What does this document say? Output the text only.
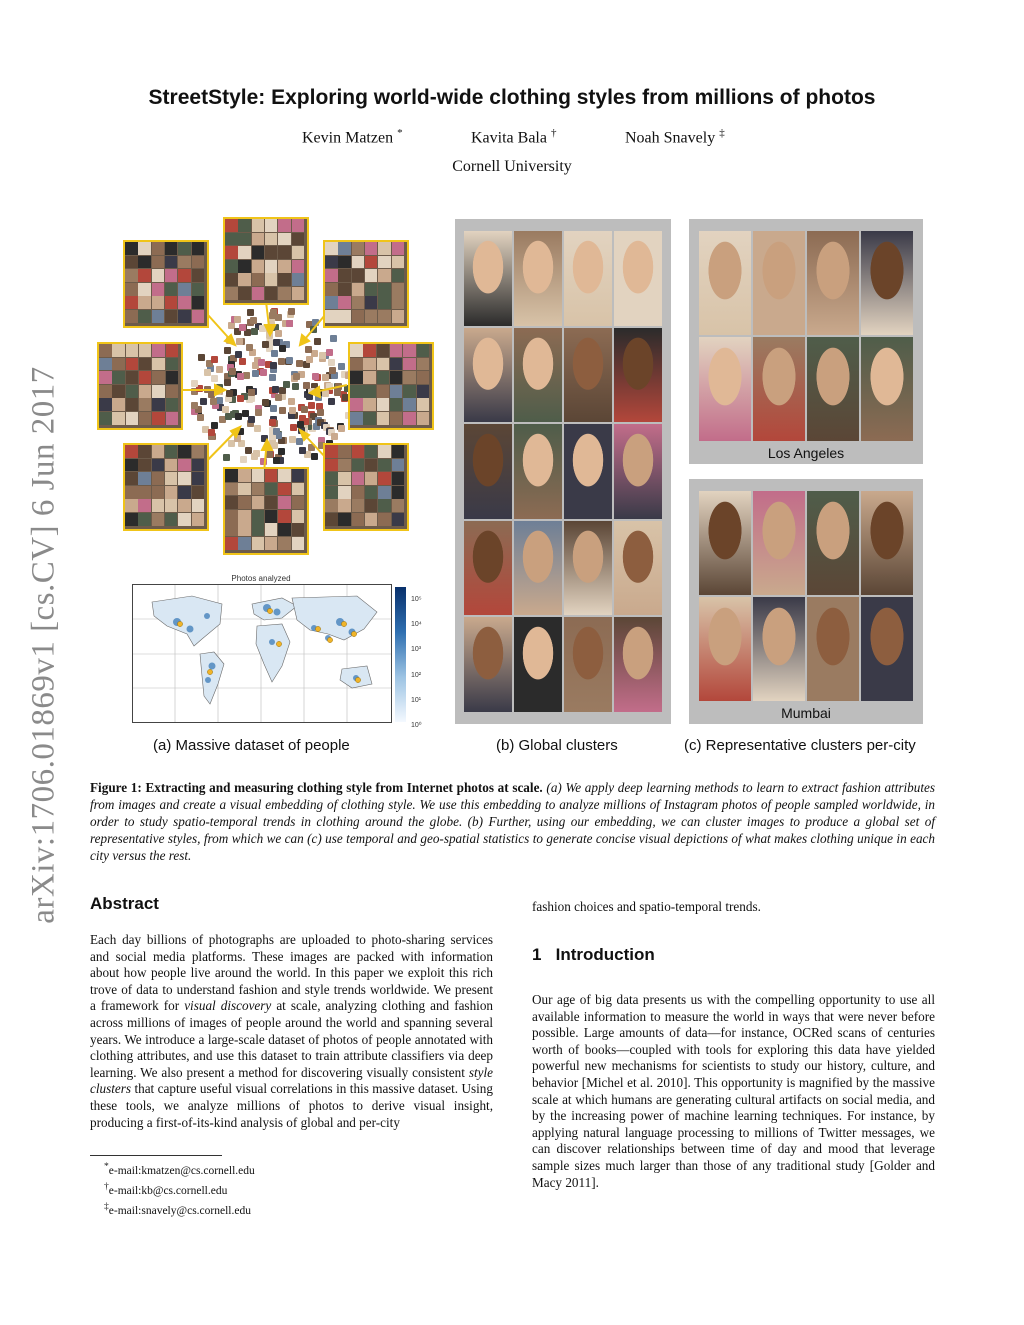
StreetStyle: Exploring world-wide clothing styles from millions of photos
Kevin Matzen *	Kavita Bala †	Noah Snavely ‡
Cornell University
arXiv:1706.01869v1 [cs.CV] 6 Jun 2017	Photos analyzed
10⁵
10⁴
10³
10²
10¹
10⁰
Los Angeles
Mumbai
(a) Massive dataset of people	(b) Global clusters	(c) Representative clusters per-city
Figure 1: Extracting and measuring clothing style from Internet photos at scale. (a) We apply deep learning methods to learn to extract fashion attributes from images and create a visual embedding of clothing style. We use this embedding to analyze millions of Instagram photos of people sampled worldwide, in order to study spatio-temporal trends in clothing around the globe. (b) Further, using our embedding, we can cluster images to produce a global set of representative styles, from which we can (c) use temporal and geo-spatial statistics to generate concise visual depictions of what makes clothing unique in each city versus the rest.
Abstract
Each day billions of photographs are uploaded to photo-sharing services and social media platforms. These images are packed with information about how people live around the world. In this paper we exploit this rich trove of data to understand fashion and style trends worldwide. We present a framework for visual discovery at scale, analyzing clothing and fashion across millions of images of people around the world and spanning several years. We introduce a large-scale dataset of photos of people annotated with clothing attributes, and use this dataset to train attribute classifiers via deep learning. We also present a method for discovering visually consistent style clusters that capture useful visual correlations in this massive dataset. Using these tools, we analyze millions of photos to derive visual insight, producing a first-of-its-kind analysis of global and per-city
*e-mail:kmatzen@cs.cornell.edu
†e-mail:kb@cs.cornell.edu
‡e-mail:snavely@cs.cornell.edu
fashion choices and spatio-temporal trends.
1 Introduction
Our age of big data presents us with the compelling opportunity to use all available information to measure the world in ways that were never before possible. Large amounts of data—for instance, OCRed scans of centuries worth of books—coupled with tools for exploring this data have yielded powerful new mechanisms for scientists to study our history, culture, and behavior [Michel et al. 2010]. This opportunity is magnified by the massive scale at which humans are generating cultural artifacts on social media, and by the increasing power of machine learning techniques. For instance, by applying natural language processing to millions of Twitter messages, we can discover relationships between time of day and mood that leverage sample sizes much larger than those of any traditional study [Golder and Macy 2011].
